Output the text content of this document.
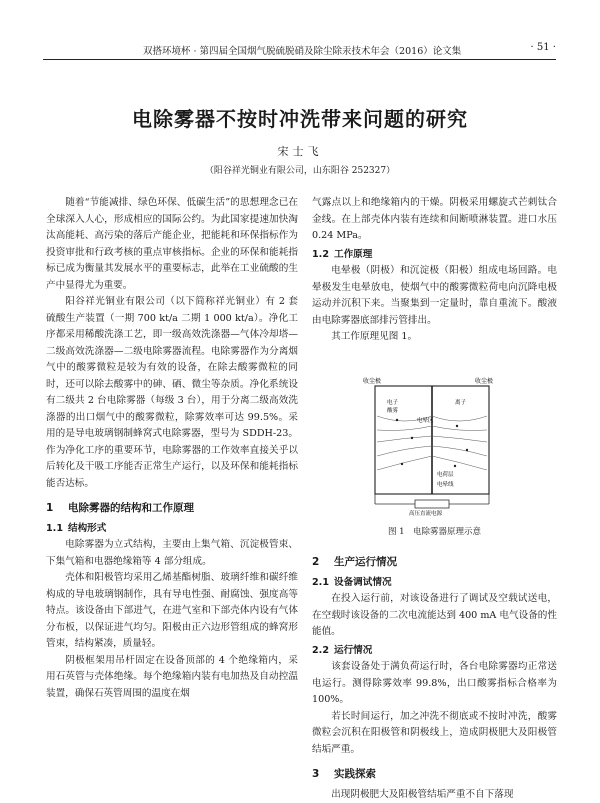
双搭环境杯 · 第四届全国烟气脱硫脱硝及除尘除汞技术年会（2016）论文集	· 51 ·
电除雾器不按时冲洗带来问题的研究
宋士飞
（阳谷祥光铜业有限公司，山东阳谷 252327）

随着“节能减排、绿色环保、低碳生活”的思想理念已在全球深入人心，形成相应的国际公约。为此国家提速加快淘汰高能耗、高污染的落后产能企业，把能耗和环保指标作为投资审批和行政考核的重点审核指标。企业的环保和能耗指标已成为衡量其发展水平的重要标志，此举在工业硫酸的生产中显得尤为重要。

阳谷祥光铜业有限公司（以下简称祥光铜业）有 2 套硫酸生产装置（一期 700 kt/a 二期 1 000 kt/a）。净化工序都采用稀酸洗涤工艺，即一级高效洗涤器—气体冷却塔—二级高效洗涤器—二级电除雾器流程。电除雾器作为分离烟气中的酸雾微粒是较为有效的设备，在除去酸雾微粒的同时，还可以除去酸雾中的砷、硒、微尘等杂质。净化系统设有二级共 2 台电除雾器（每级 3 台），用于分离二级高效洗涤器的出口烟气中的酸雾微粒，除雾效率可达 99.5%。采用的是导电玻璃钢制蜂窝式电除雾器，型号为 SDDH-23。作为净化工序的重要环节，电除雾器的工作效率直接关乎以后转化及干吸工序能否正常生产运行，以及环保和能耗指标能否达标。

1 电除雾器的结构和工作原理
1.1 结构形式

电除雾器为立式结构，主要由上集气箱、沉淀极管束、下集气箱和电器绝缘箱等 4 部分组成。

壳体和阳极管均采用乙烯基酯树脂、玻璃纤维和碳纤维构成的导电玻璃钢制作，具有导电性强、耐腐蚀、强度高等特点。该设备由下部进气，在进气室和下部壳体内设有气体分布板，以保证进气均匀。阳极由正六边形管组成的蜂窝形管束，结构紧凑，质量轻。

阴极框架用吊杆固定在设备顶部的 4 个绝缘箱内，采用石英管与壳体绝缘。每个绝缘箱内装有电加热及自动控温装置，确保石英管周围的温度在烟

气露点以上和绝缘箱内的干燥。阴极采用螺旋式芒刺钛合金线。在上部壳体内装有连续和间断喷淋装置。进口水压 0.24 MPa。

1.2 工作原理

电晕极（阴极）和沉淀极（阳极）组成电场回路。电晕极发生电晕放电，使烟气中的酸雾微粒荷电向沉降电极运动并沉积下来。当聚集到一定量时，靠自重流下。酸液由电除雾器底部排污管排出。

其工作原理见图 1。

收尘极	收尘极
电子	离子
酸雾
电晕区
电荷层
电晕线
高压直流电源
图 1　电除雾器原理示意
2 生产运行情况
2.1 设备调试情况

在投入运行前，对该设备进行了调试及空载试送电，在空载时该设备的二次电流能达到 400 mA 电气设备的性能值。

2.2 运行情况

该套设备处于满负荷运行时，各台电除雾器均正常送电运行。测得除雾效率 99.8%，出口酸雾指标合格率为 100%。

若长时间运行，加之冲洗不彻底或不按时冲洗，酸雾微粒会沉积在阳极管和阴极线上，造成阴极肥大及阳极管结垢严重。

3 实践探索

出现阴极肥大及阳极管结垢严重不自下落现
